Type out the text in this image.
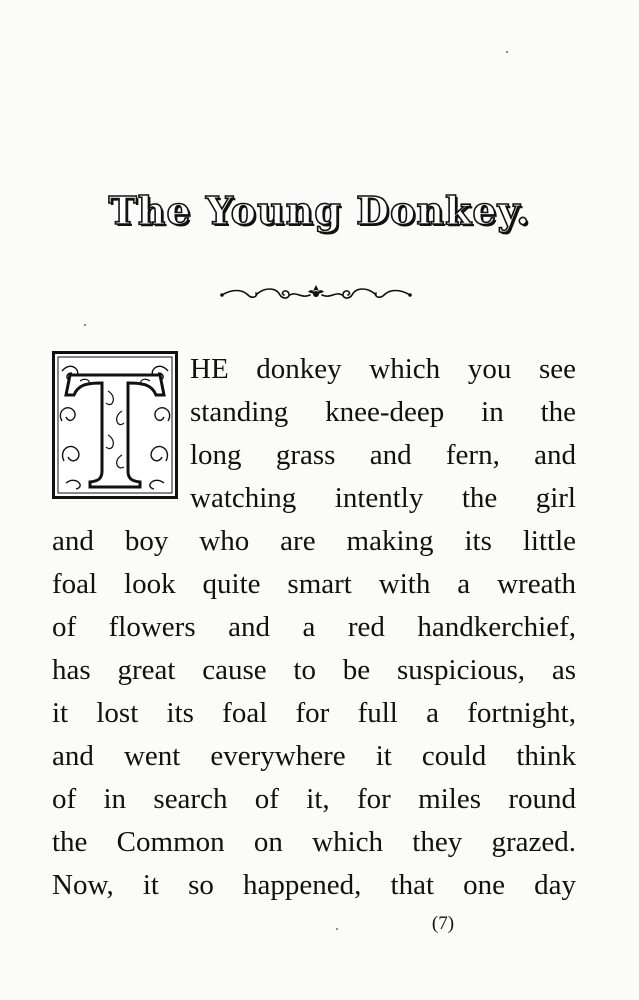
The Young Donkey.
HE donkey which you see
standing knee-deep in the
long grass and fern, and
watching intently the girl
and boy who are making its little
foal look quite smart with a wreath
of flowers and a red handkerchief,
has great cause to be suspicious, as
it lost its foal for full a fortnight,
and went everywhere it could think
of in search of it, for miles round
the Common on which they grazed.
Now, it so happened, that one day
(7)
